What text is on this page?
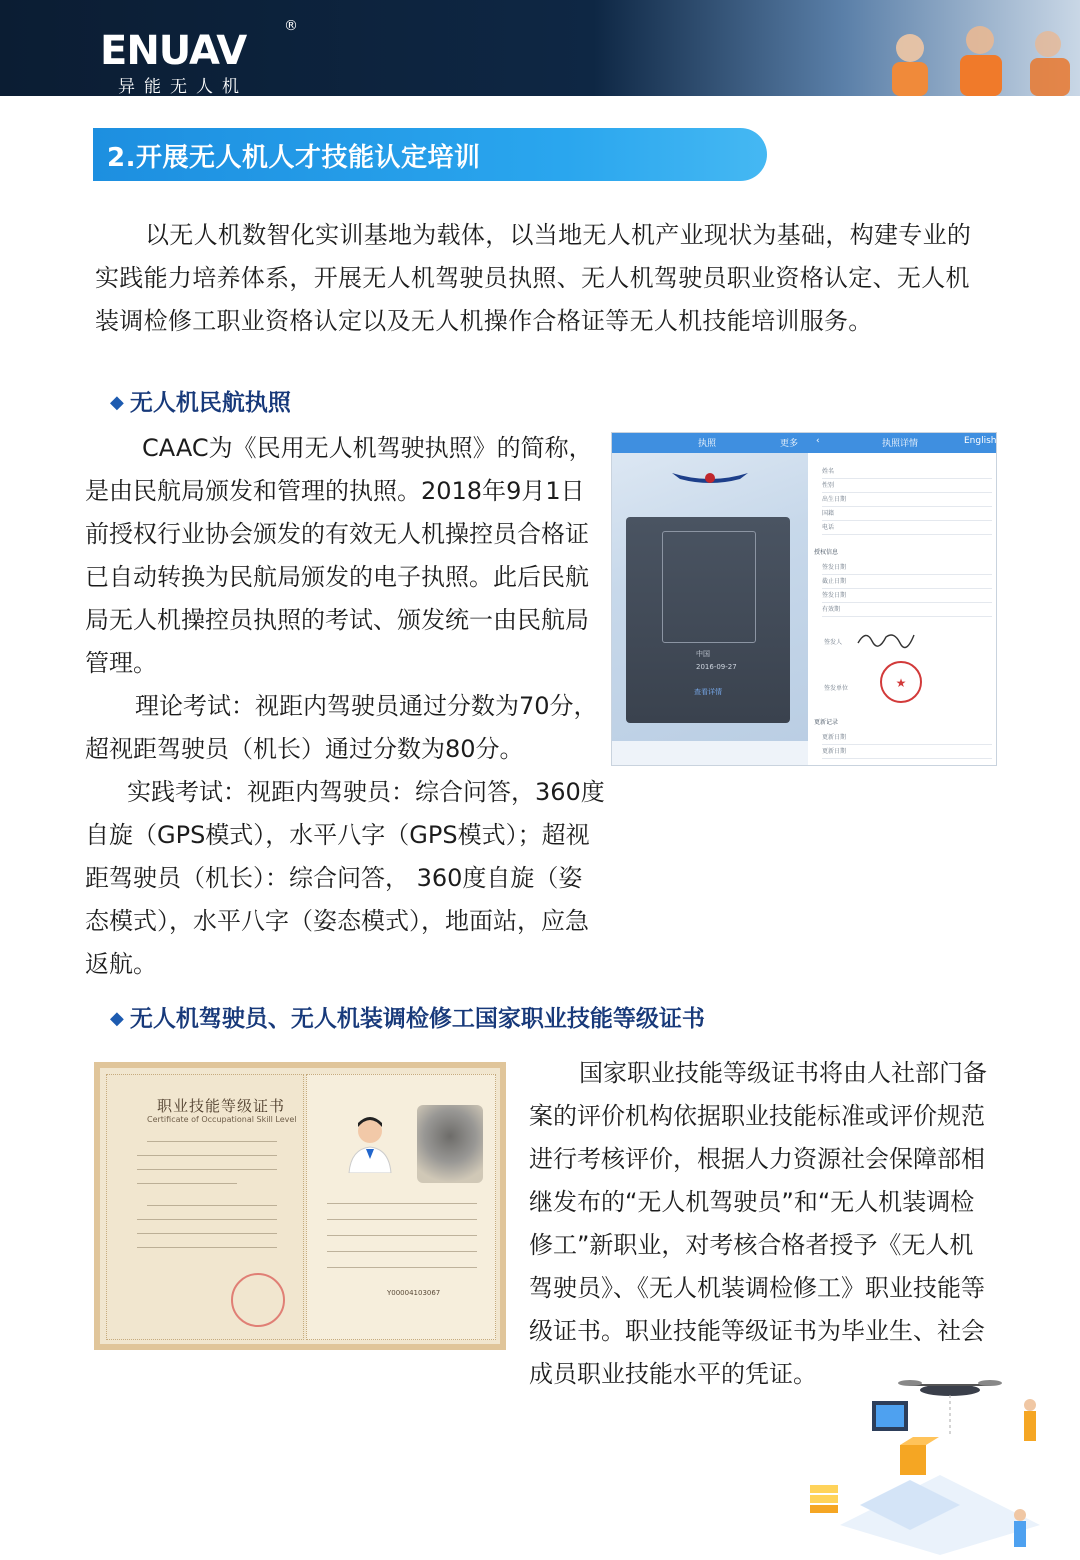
ENUAV
®
异能无人机
2.开展无人机人才技能认定培训

以无人机数智化实训基地为载体，以当地无人机产业现状为基础，构建专业的实践能力培养体系，开展无人机驾驶员执照、无人机驾驶员职业资格认定、无人机装调检修工职业资格认定以及无人机操作合格证等无人机技能培训服务。

◆ 无人机民航执照

CAAC为《民用无人机驾驶执照》的简称，是由民航局颁发和管理的执照。2018年9月1日前授权行业协会颁发的有效无人机操控员合格证已自动转换为民航局颁发的电子执照。此后民航局无人机操控员执照的考试、颁发统一由民航局管理。

理论考试：视距内驾驶员通过分数为70分，超视距驾驶员（机长）通过分数为80分。

实践考试：视距内驾驶员：综合问答，360度自旋（GPS模式），水平八字（GPS模式）；超视距驾驶员（机长）：综合问答， 360度自旋（姿态模式），水平八字（姿态模式），地面站，应急返航。

中国
2016-09-27
查看详情
执照	更多 ‹	执照详情	English
姓名
性别
出生日期
国籍
电话
授权信息
签发日期
截止日期
签发日期
有效期
签发人
签发单位	★
更新记录
更新日期
更新日期
◆ 无人机驾驶员、无人机装调检修工国家职业技能等级证书
职业技能等级证书
Certificate of Occupational Skill Level
Y00004103067

国家职业技能等级证书将由人社部门备案的评价机构依据职业技能标准或评价规范进行考核评价，根据人力资源社会保障部相继发布的“无人机驾驶员”和“无人机装调检修工”新职业，对考核合格者授予《无人机驾驶员》、《无人机装调检修工》职业技能等级证书。职业技能等级证书为毕业生、社会成员职业技能水平的凭证。
